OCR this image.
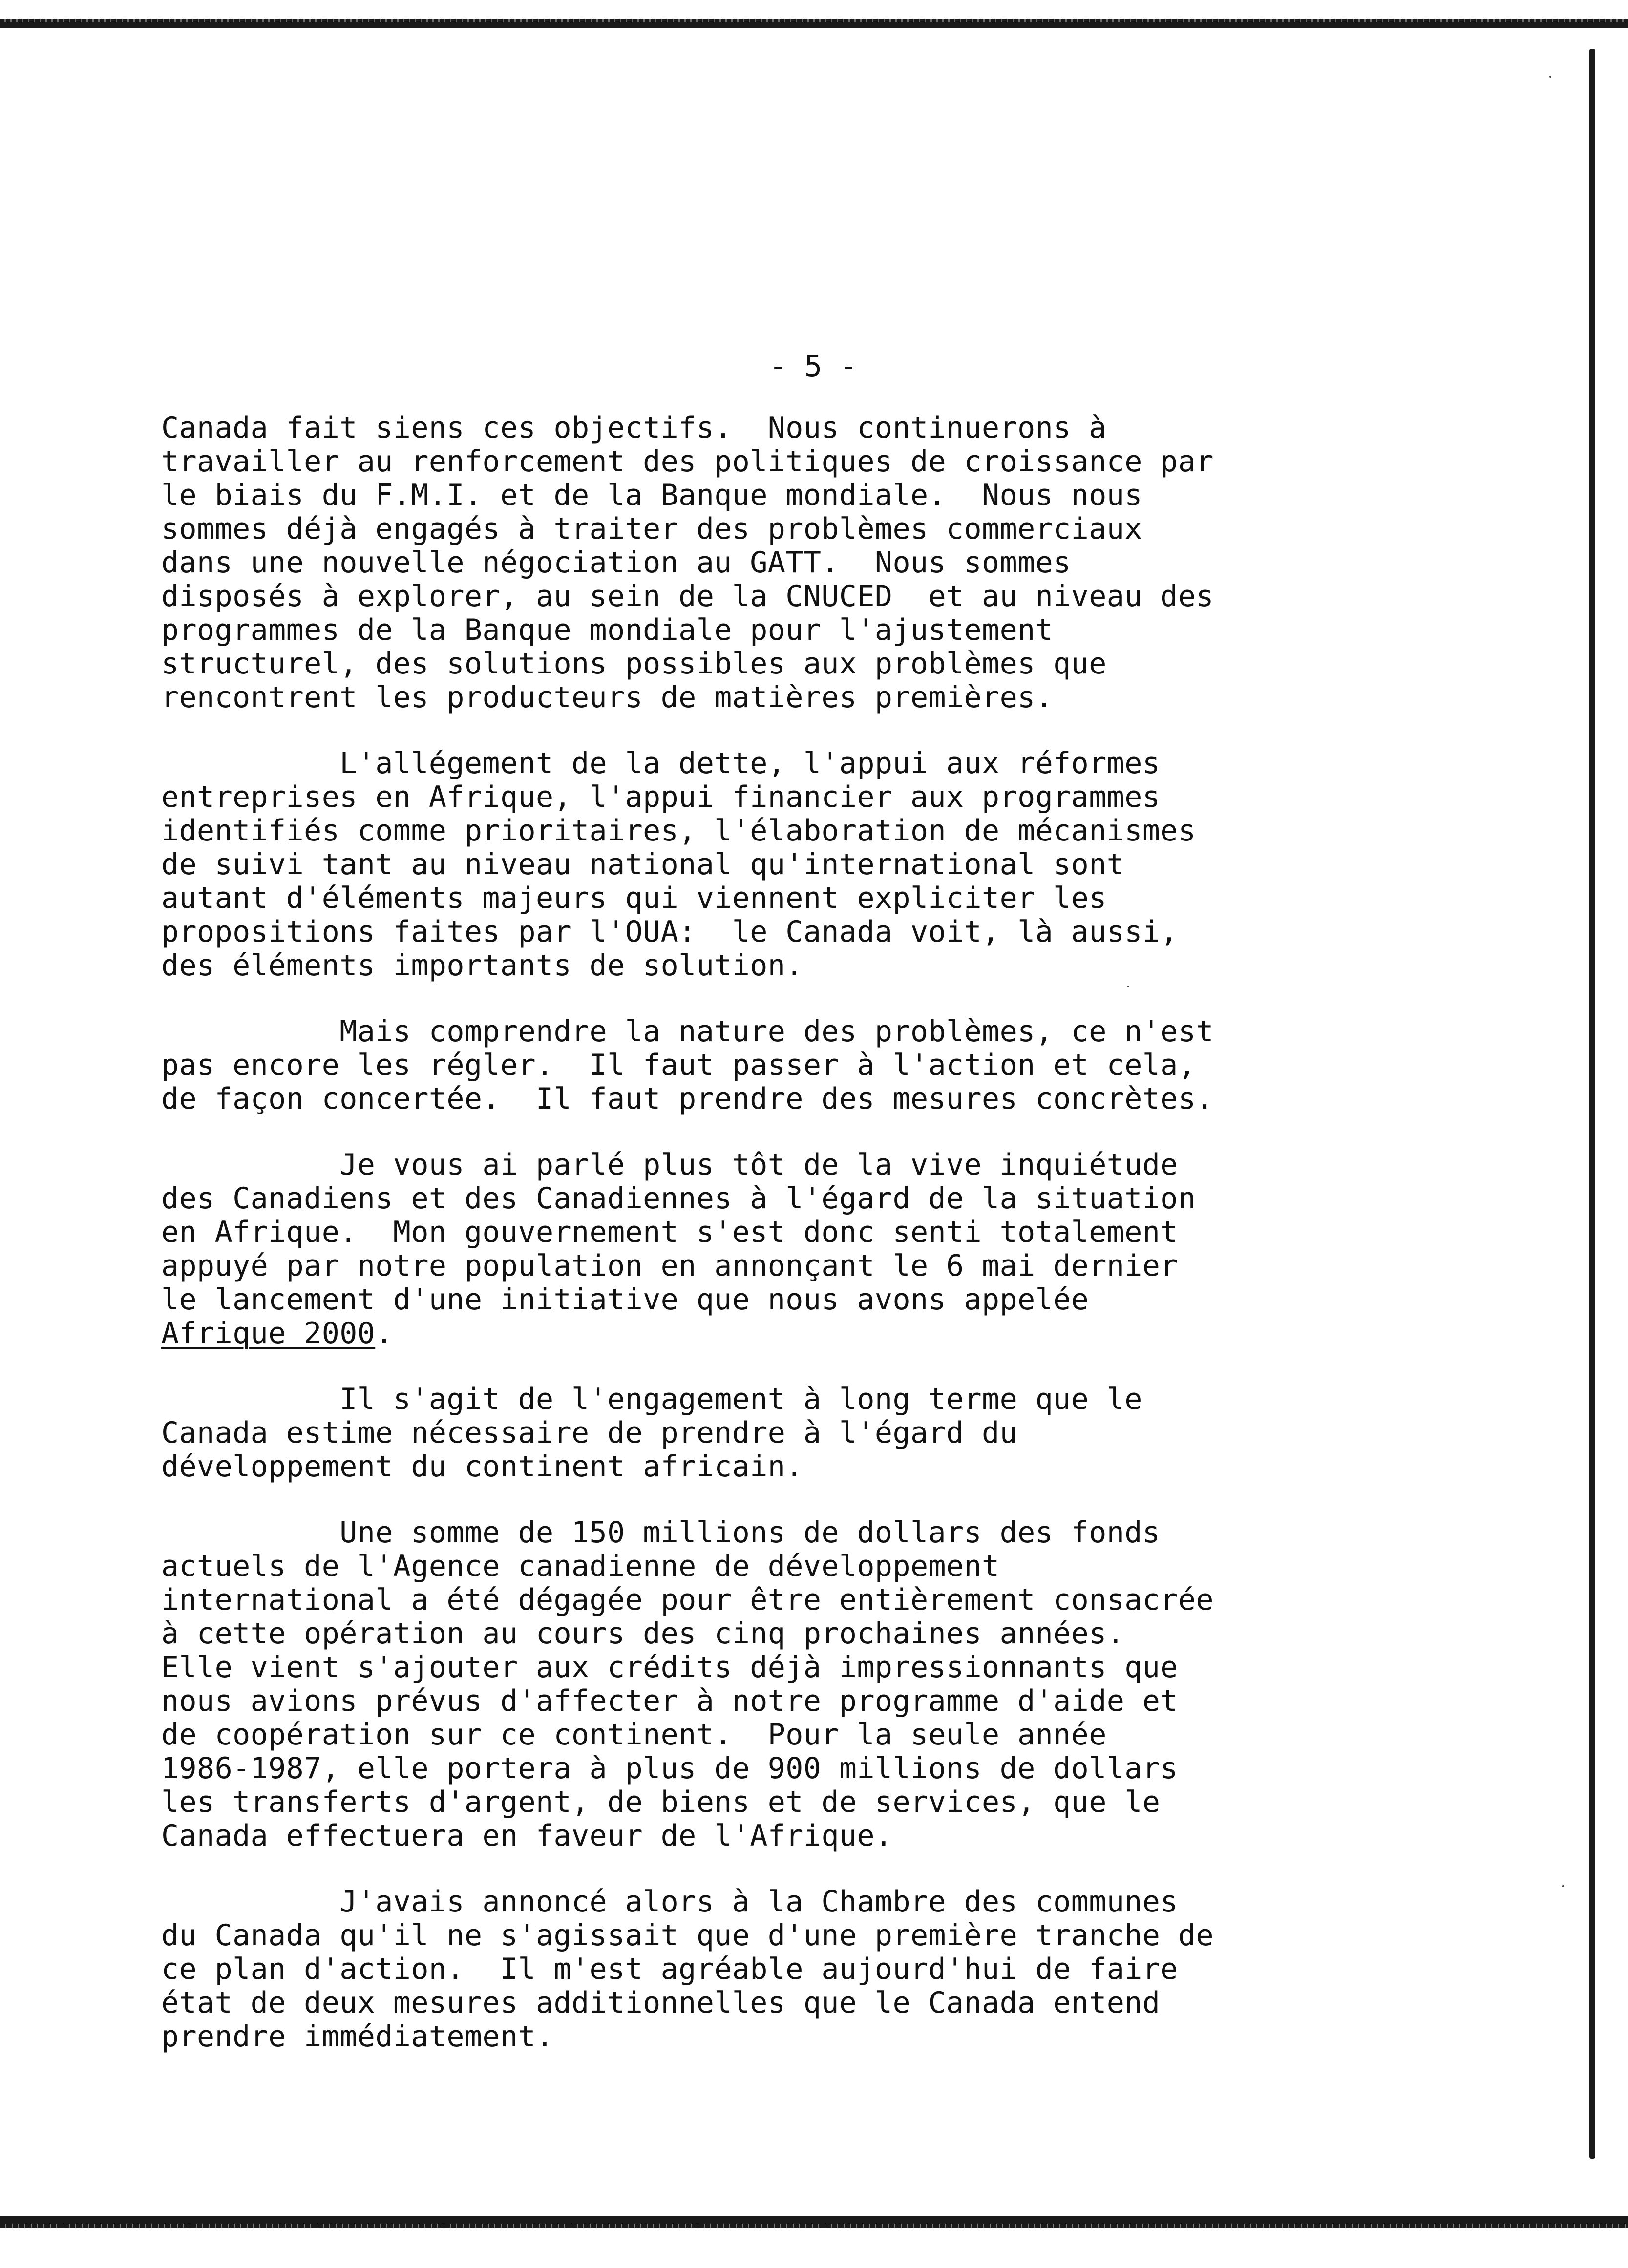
- 5 -

Canada fait siens ces objectifs.  Nous continuerons à
travailler au renforcement des politiques de croissance par
le biais du F.M.I. et de la Banque mondiale.  Nous nous
sommes déjà engagés à traiter des problèmes commerciaux
dans une nouvelle négociation au GATT.  Nous sommes
disposés à explorer, au sein de la CNUCED  et au niveau des
programmes de la Banque mondiale pour l'ajustement
structurel, des solutions possibles aux problèmes que
rencontrent les producteurs de matières premières.

L'allégement de la dette, l'appui aux réformes
entreprises en Afrique, l'appui financier aux programmes
identifiés comme prioritaires, l'élaboration de mécanismes
de suivi tant au niveau national qu'international sont
autant d'éléments majeurs qui viennent expliciter les
propositions faites par l'OUA:  le Canada voit, là aussi,
des éléments importants de solution.

Mais comprendre la nature des problèmes, ce n'est
pas encore les régler.  Il faut passer à l'action et cela,
de façon concertée.  Il faut prendre des mesures concrètes.

Je vous ai parlé plus tôt de la vive inquiétude
des Canadiens et des Canadiennes à l'égard de la situation
en Afrique.  Mon gouvernement s'est donc senti totalement
appuyé par notre population en annonçant le 6 mai dernier
le lancement d'une initiative que nous avons appelée
Afrique 2000.

Il s'agit de l'engagement à long terme que le
Canada estime nécessaire de prendre à l'égard du
développement du continent africain.

Une somme de 150 millions de dollars des fonds
actuels de l'Agence canadienne de développement
international a été dégagée pour être entièrement consacrée
à cette opération au cours des cinq prochaines années.
Elle vient s'ajouter aux crédits déjà impressionnants que
nous avions prévus d'affecter à notre programme d'aide et
de coopération sur ce continent.  Pour la seule année
1986-1987, elle portera à plus de 900 millions de dollars
les transferts d'argent, de biens et de services, que le
Canada effectuera en faveur de l'Afrique.

J'avais annoncé alors à la Chambre des communes
du Canada qu'il ne s'agissait que d'une première tranche de
ce plan d'action.  Il m'est agréable aujourd'hui de faire
état de deux mesures additionnelles que le Canada entend
prendre immédiatement.
